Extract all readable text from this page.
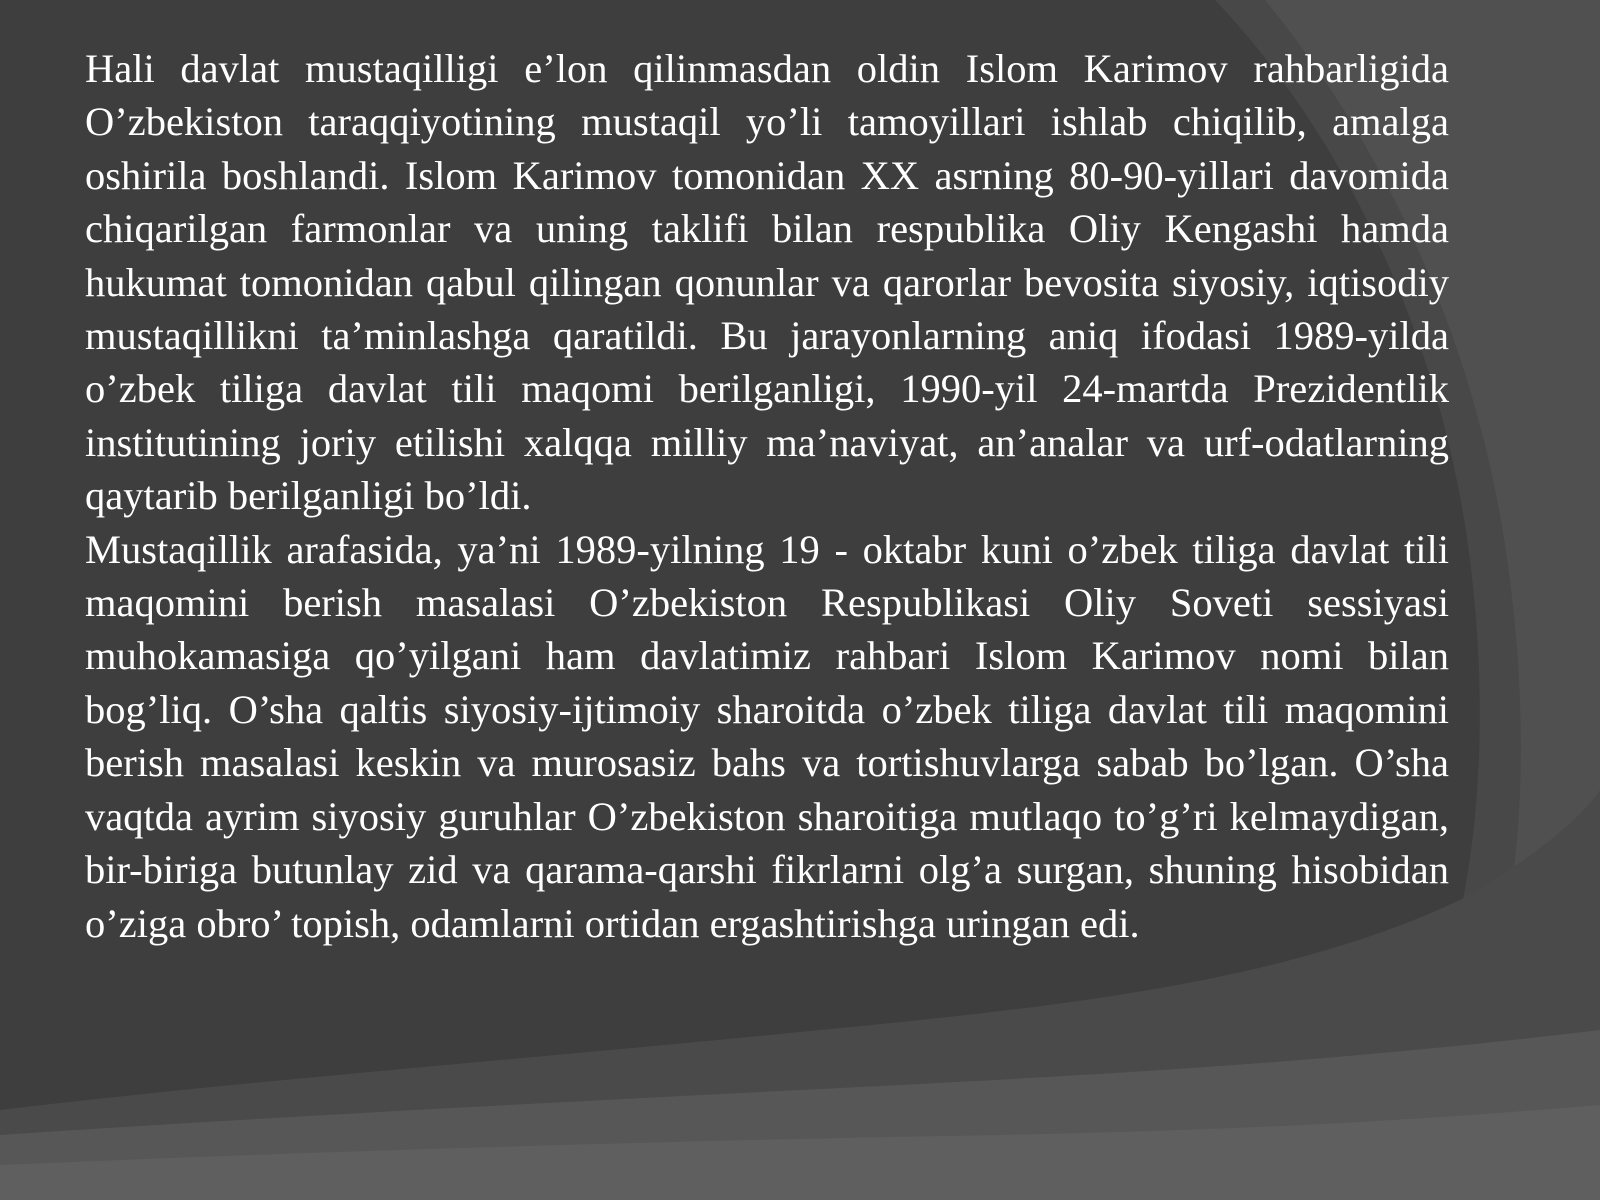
Hali davlat mustaqilligi e’lon qilinmasdan oldin Islom Karimov rahbarligida O’zbekiston taraqqiyotining mustaqil yo’li tamoyillari ishlab chiqilib, amalga oshirila boshlandi. Islom Karimov tomonidan XX asrning 80-90-yillari davomida chiqarilgan farmonlar va uning taklifi bilan respublika Oliy Kengashi hamda hukumat tomonidan qabul qilingan qonunlar va qarorlar bevosita siyosiy, iqtisodiy mustaqillikni ta’minlashga qaratildi. Bu jarayonlarning aniq ifodasi 1989-yilda o’zbek tiliga davlat tili maqomi berilganligi, 1990-yil 24-martda Prezidentlik institutining joriy etilishi xalqqa milliy ma’naviyat, an’analar va urf-odatlarning qaytarib berilganligi bo’ldi.

Mustaqillik arafasida, ya’ni 1989-yilning 19 - oktabr kuni o’zbek tiliga davlat tili maqomini berish masalasi O’zbekiston Respublikasi Oliy Soveti sessiyasi muhokamasiga qo’yilgani ham davlatimiz rahbari Islom Karimov nomi bilan bog’liq. O’sha qaltis siyosiy-ijtimoiy sharoitda o’zbek tiliga davlat tili maqomini berish masalasi keskin va murosasiz bahs va tortishuvlarga sabab bo’lgan. O’sha vaqtda ayrim siyosiy guruhlar O’zbekiston sharoitiga mutlaqo to’g’ri kelmaydigan, bir-biriga butunlay zid va qarama-qarshi fikrlarni olg’a surgan, shuning hisobidan o’ziga obro’ topish, odamlarni ortidan ergashtirishga uringan edi.
